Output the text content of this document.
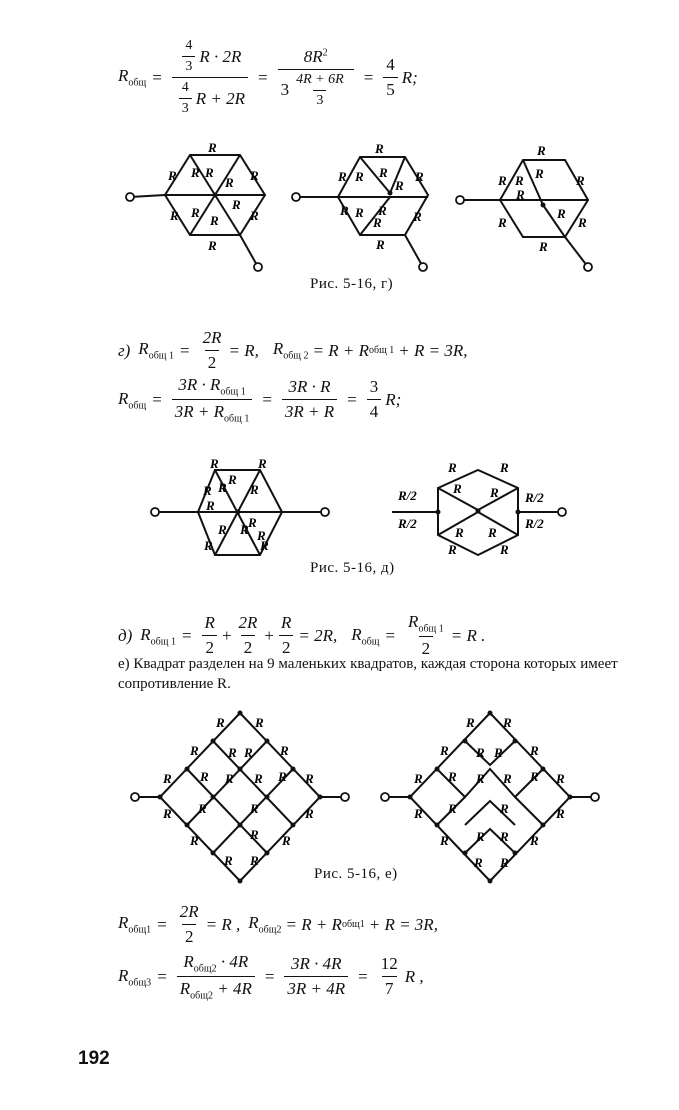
$R_{общ} = \frac{\frac{4}{3} R \cdot 2R}{\frac{4}{3} R + 2R} = \frac{8R^2}{3 \frac{4R + 6R}{3}} = \frac{4}{5} R$;
R
R	R
R R
R
R	R
R
R
R
R
R
R R R
R
R
R R R
R R
R
R
R R R R
R
R
R
R
R
Рис. 5-16, г)
г) $R_{общ 1} = \frac{2R}{2} = R$, $R_{общ 2} = R + R$ общ 1 + R = 3R,
$R_{общ} = \frac{3R \cdot R_{общ 1}}{3R + R_{общ 1}} = \frac{3R \cdot R}{3R + R} = \frac{3}{4} R$;
R	R
R
R
R R
R
R
R R R
R	R
R	R
R R
R R
R	R
R/2
R/2
R/2
R/2
Рис. 5-16, д)
д) $R_{общ 1} = \frac{R}{2} + \frac{2R}{2} + \frac{R}{2} = 2R$, $R_{общ} = \frac{R_{общ 1}}{2} = R$ .
е) Квадрат разделен на 9 маленьких квадратов, каждая сторона которых имеет сопротивление R.
R R
R R R R
R R R R R R
R R	R	R
R	R R
R R
R R
R R R R
R R R R R R
R R	R	R
R R R R
R R
Рис. 5-16, е)
$R_{общ1} = \frac{2R}{2} = R$ , $R_{общ2} = R + R$ общ1 + R = 3R,
$R_{общ3} = \frac{R_{общ2} \cdot 4R}{R_{общ2} + 4R} = \frac{3R \cdot 4R}{3R + 4R} = \frac{12}{7}$ R ,
192
